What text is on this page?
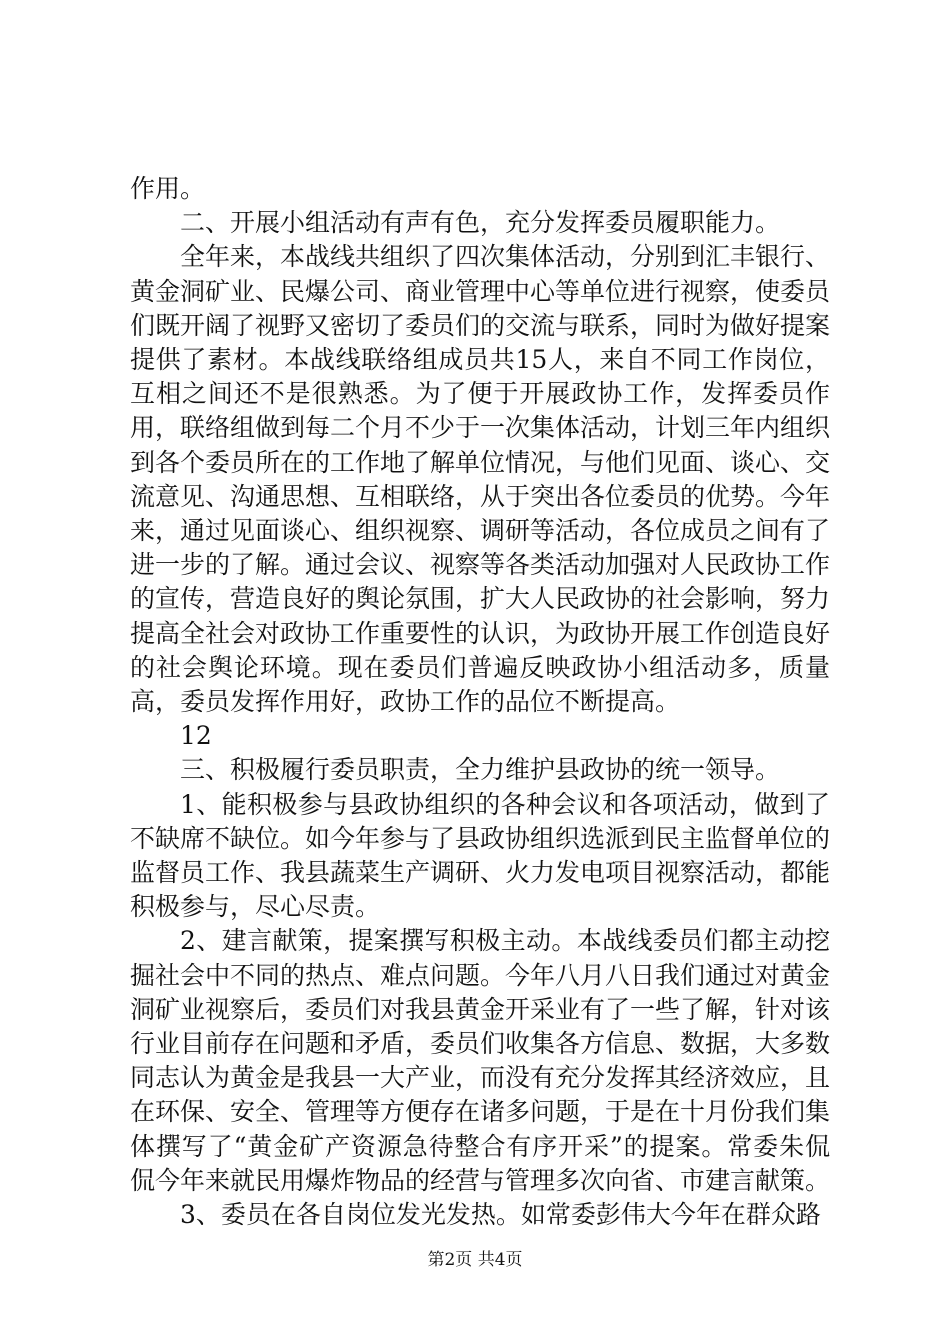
作用。

二、开展小组活动有声有色，充分发挥委员履职能力。

全年来，本战线共组织了四次集体活动，分别到汇丰银行、黄金洞矿业、民爆公司、商业管理中心等单位进行视察，使委员们既开阔了视野又密切了委员们的交流与联系，同时为做好提案提供了素材。本战线联络组成员共15人，来自不同工作岗位，互相之间还不是很熟悉。为了便于开展政协工作，发挥委员作用，联络组做到每二个月不少于一次集体活动，计划三年内组织到各个委员所在的工作地了解单位情况，与他们见面、谈心、交流意见、沟通思想、互相联络，从于突出各位委员的优势。今年来，通过见面谈心、组织视察、调研等活动，各位成员之间有了进一步的了解。通过会议、视察等各类活动加强对人民政协工作的宣传，营造良好的舆论氛围，扩大人民政协的社会影响，努力提高全社会对政协工作重要性的认识，为政协开展工作创造良好的社会舆论环境。现在委员们普遍反映政协小组活动多，质量高，委员发挥作用好，政协工作的品位不断提高。

12

三、积极履行委员职责，全力维护县政协的统一领导。

1、能积极参与县政协组织的各种会议和各项活动，做到了不缺席不缺位。如今年参与了县政协组织选派到民主监督单位的监督员工作、我县蔬菜生产调研、火力发电项目视察活动，都能积极参与，尽心尽责。

2、建言献策，提案撰写积极主动。本战线委员们都主动挖掘社会中不同的热点、难点问题。今年八月八日我们通过对黄金洞矿业视察后，委员们对我县黄金开采业有了一些了解，针对该行业目前存在问题和矛盾，委员们收集各方信息、数据，大多数同志认为黄金是我县一大产业，而没有充分发挥其经济效应，且在环保、安全、管理等方便存在诸多问题，于是在十月份我们集体撰写了“黄金矿产资源急待整合有序开采”的提案。常委朱侃侃今年来就民用爆炸物品的经营与管理多次向省、市建言献策。

3、委员在各自岗位发光发热。如常委彭伟大今年在群众路

第2页 共4页
